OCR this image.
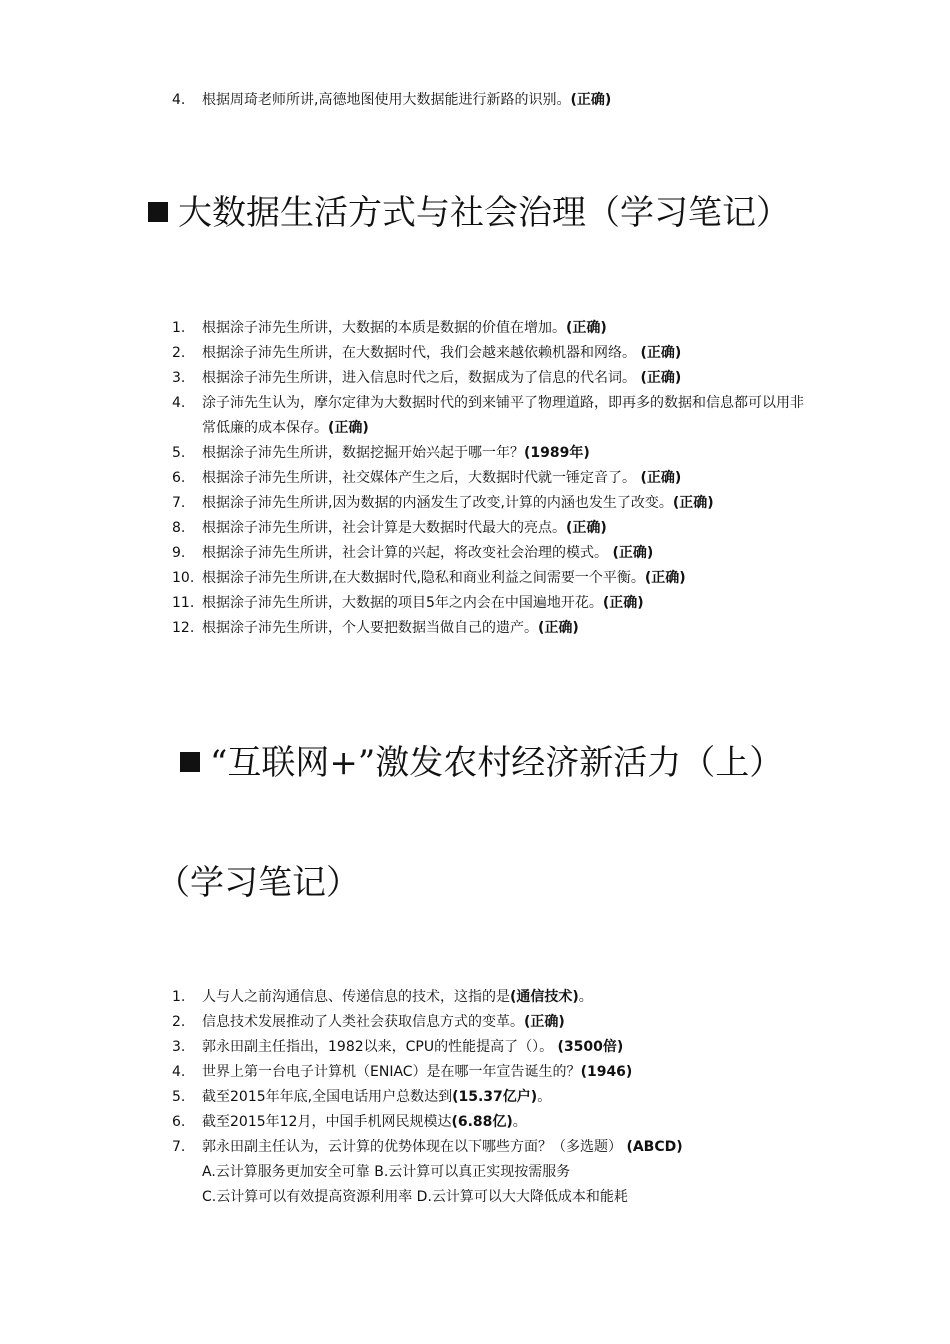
4. 根据周琦老师所讲,高德地图使用大数据能进行新路的识别。(正确)
大数据生活方式与社会治理（学习笔记）
1. 根据涂子沛先生所讲，大数据的本质是数据的价值在增加。(正确)
2. 根据涂子沛先生所讲，在大数据时代，我们会越来越依赖机器和网络。 (正确)
3. 根据涂子沛先生所讲，进入信息时代之后，数据成为了信息的代名词。 (正确)
4. 涂子沛先生认为，摩尔定律为大数据时代的到来铺平了物理道路，即再多的数据和信息都可以用非常低廉的成本保存。(正确)
5. 根据涂子沛先生所讲，数据挖掘开始兴起于哪一年？(1989年)
6. 根据涂子沛先生所讲，社交媒体产生之后，大数据时代就一锤定音了。 (正确)
7. 根据涂子沛先生所讲,因为数据的内涵发生了改变,计算的内涵也发生了改变。(正确)
8. 根据涂子沛先生所讲，社会计算是大数据时代最大的亮点。(正确)
9. 根据涂子沛先生所讲，社会计算的兴起，将改变社会治理的模式。 (正确)
10. 根据涂子沛先生所讲,在大数据时代,隐私和商业利益之间需要一个平衡。(正确)
11. 根据涂子沛先生所讲，大数据的项目5年之内会在中国遍地开花。(正确)
12. 根据涂子沛先生所讲，个人要把数据当做自己的遗产。(正确)
“互联网+”激发农村经济新活力（上）
（学习笔记）
1. 人与人之前沟通信息、传递信息的技术，这指的是(通信技术)。
2. 信息技术发展推动了人类社会获取信息方式的变革。(正确)
3. 郭永田副主任指出，1982以来，CPU的性能提高了（）。 (3500倍)
4. 世界上第一台电子计算机（ENIAC）是在哪一年宣告诞生的？(1946)
5. 截至2015年年底,全国电话用户总数达到(15.37亿户)。
6. 截至2015年12月，中国手机网民规模达(6.88亿)。
7. 郭永田副主任认为，云计算的优势体现在以下哪些方面？（多选题） (ABCD)
A.云计算服务更加安全可靠 B.云计算可以真正实现按需服务
C.云计算可以有效提高资源利用率 D.云计算可以大大降低成本和能耗
